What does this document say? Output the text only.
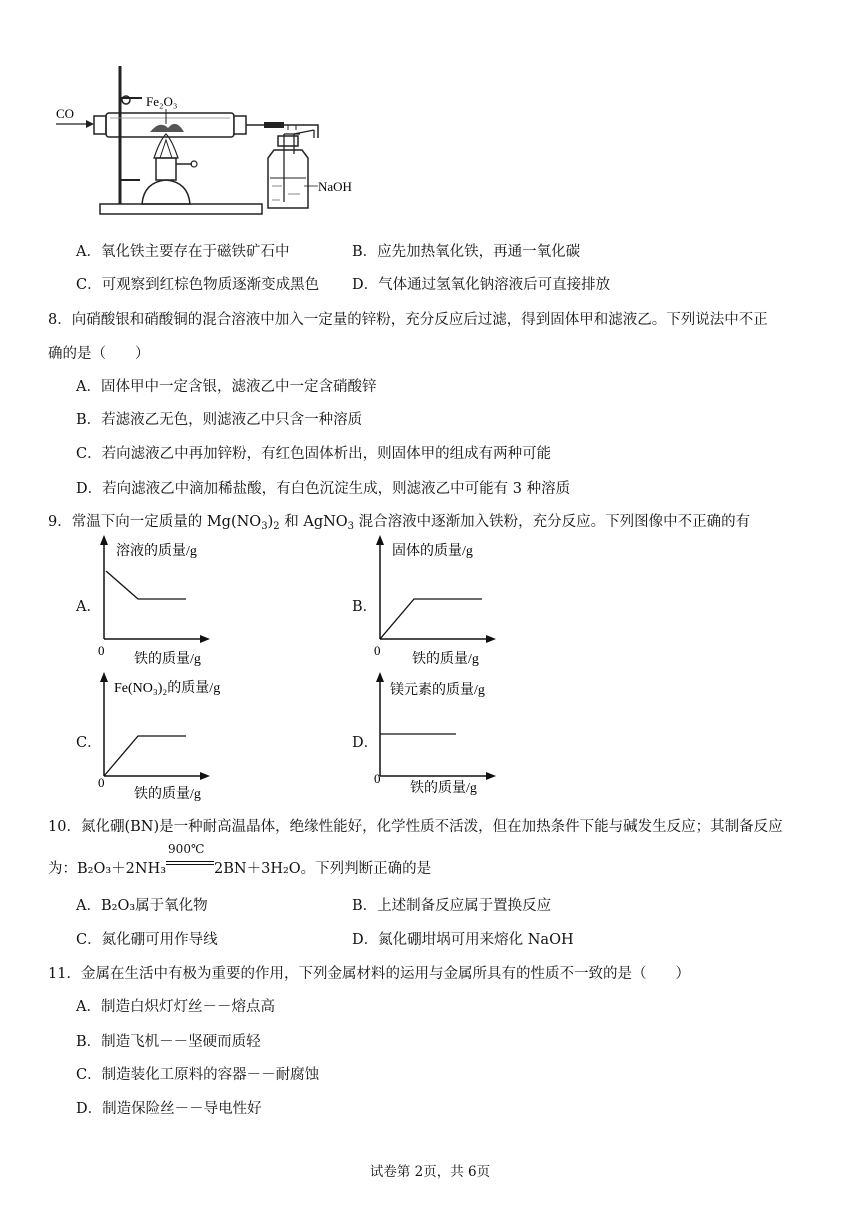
CO
Fe₂O₃
NaOH
A．氧化铁主要存在于磁铁矿石中	B．应先加热氧化铁，再通一氧化碳
C．可观察到红棕色物质逐渐变成黑色 D．气体通过氢氧化钠溶液后可直接排放
8．向硝酸银和硝酸铜的混合溶液中加入一定量的锌粉，充分反应后过滤，得到固体甲和滤液乙。下列说法中不正
确的是（　　）
A．固体甲中一定含银，滤液乙中一定含硝酸锌
B．若滤液乙无色，则滤液乙中只含一种溶质
C．若向滤液乙中再加锌粉，有红色固体析出，则固体甲的组成有两种可能
D．若向滤液乙中滴加稀盐酸，有白色沉淀生成，则滤液乙中可能有 3 种溶质
9．常温下向一定质量的 $Mg(NO_3)_2$ 和 AgNO$_3$ 混合溶液中逐渐加入铁粉，充分反应。下列图像中不正确的有
A．
溶液的质量/g
0
铁的质量/g
B．
固体的质量/g
0
铁的质量/g
C．
Fe(NO₃)₂的质量/g
0
铁的质量/g
D．
镁元素的质量/g
0
铁的质量/g
10．氮化硼(BN)是一种耐高温晶体，绝缘性能好，化学性质不活泼，但在加热条件下能与碱发生反应；其制备反应
为：B₂O₃＋2NH₃
900℃
2BN＋3H₂O。下列判断正确的是
A．B₂O₃属于氧化物	B．上述制备反应属于置换反应
C．氮化硼可用作导线	D．氮化硼坩埚可用来熔化 NaOH
11．金属在生活中有极为重要的作用，下列金属材料的运用与金属所具有的性质不一致的是（　　）
A．制造白炽灯灯丝－－熔点高
B．制造飞机－－坚硬而质轻
C．制造装化工原料的容器－－耐腐蚀
D．制造保险丝－－导电性好
试卷第 2页，共 6页
